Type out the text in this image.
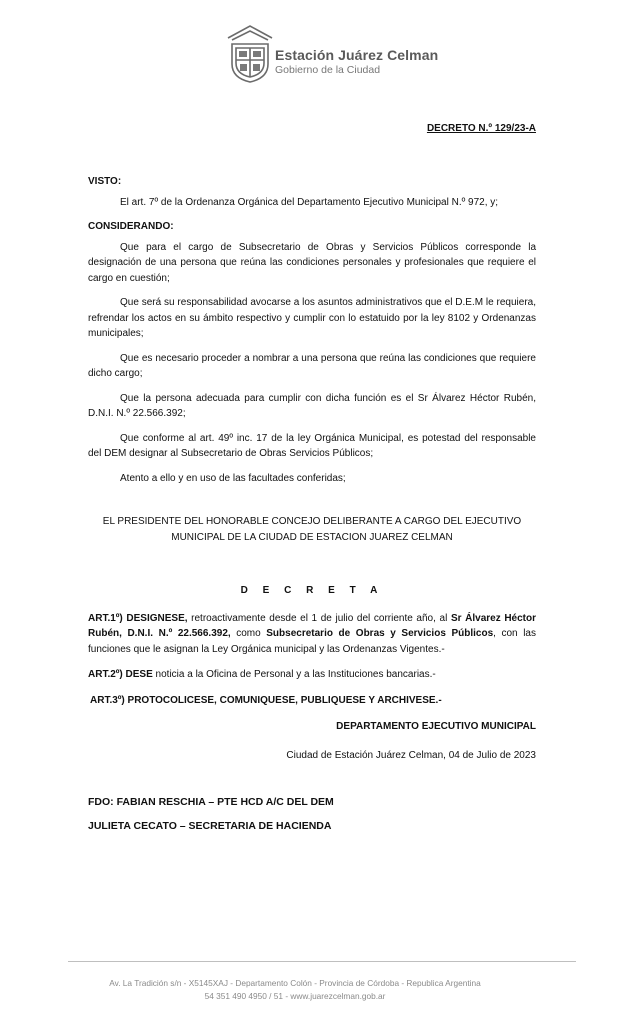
Estación Juárez Celman
Gobierno de la Ciudad
DECRETO N.º 129/23-A

VISTO:

El art. 7º de la Ordenanza Orgánica del Departamento Ejecutivo Municipal N.º 972, y;

CONSIDERANDO:

Que para el cargo de Subsecretario de Obras y Servicios Públicos corresponde la designación de una persona que reúna las condiciones personales y profesionales que requiere el cargo en cuestión;

Que será su responsabilidad avocarse a los asuntos administrativos que el D.E.M le requiera, refrendar los actos en su ámbito respectivo y cumplir con lo estatuido por la ley 8102 y Ordenanzas municipales;

Que es necesario proceder a nombrar a una persona que reúna las condiciones que requiere dicho cargo;

Que la persona adecuada para cumplir con dicha función es el Sr Álvarez Héctor Rubén, D.N.I. N.º 22.566.392;

Que conforme al art. 49º inc. 17 de la ley Orgánica Municipal, es potestad del responsable del DEM designar al Subsecretario de Obras Servicios Públicos;

Atento a ello y en uso de las facultades conferidas;

EL PRESIDENTE DEL HONORABLE CONCEJO DELIBERANTE A CARGO DEL EJECUTIVO MUNICIPAL DE LA CIUDAD DE ESTACION JUAREZ CELMAN

D E C R E T A

ART.1º) DESIGNESE, retroactivamente desde el 1 de julio del corriente año, al Sr Álvarez Héctor Rubén, D.N.I. N.º 22.566.392, como Subsecretario de Obras y Servicios Públicos, con las funciones que le asignan la Ley Orgánica municipal y las Ordenanzas Vigentes.-

ART.2º) DESE noticia a la Oficina de Personal y a las Instituciones bancarias.-

ART.3º) PROTOCOLICESE, COMUNIQUESE, PUBLIQUESE Y ARCHIVESE.-

DEPARTAMENTO EJECUTIVO MUNICIPAL

Ciudad de Estación Juárez Celman, 04 de Julio de 2023

FDO: FABIAN RESCHIA – PTE HCD A/C DEL DEM

JULIETA CECATO – SECRETARIA DE HACIENDA

Av. La Tradición s/n - X5145XAJ - Departamento Colón - Provincia de Córdoba - Republica Argentina
54 351 490 4950 / 51 - www.juarezcelman.gob.ar
